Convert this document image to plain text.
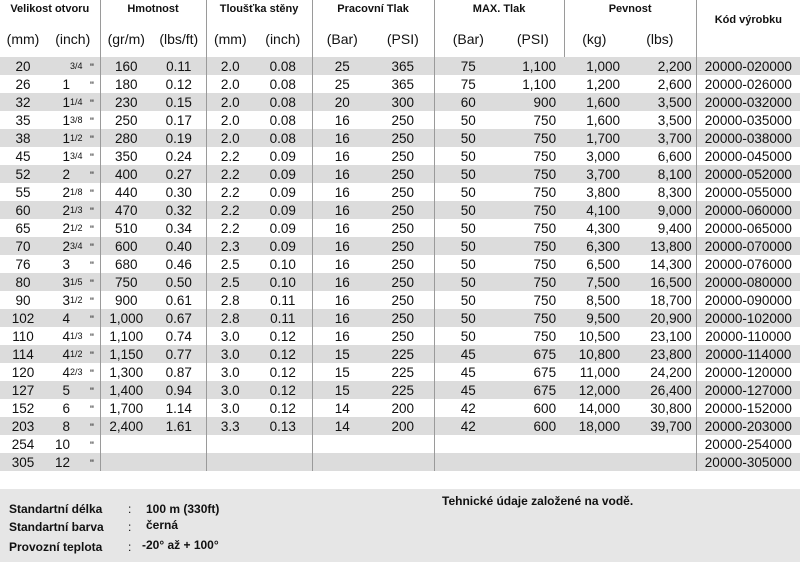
Velikost otvoru		Hmotnost		Tloušťka stěny		Pracovní Tlak		MAX. Tlak		Pevnost		Kód výrobku
(mm)	(inch)	(gr/m)	(lbs/ft)	(mm)	(inch)	(Bar)	(PSI)	(Bar)	(PSI)	(kg)	(lbs)	

20	3/4 "	160	0.11	2.0	0.08	25	365	75	1,100	1,000	2,200	20000-020000
26	1 "	180	0.12	2.0	0.08	25	365	75	1,100	1,200	2,600	20000-026000
32	11/4 "	230	0.15	2.0	0.08	20	300	60	900	1,600	3,500	20000-032000
35	13/8 "	250	0.17	2.0	0.08	16	250	50	750	1,600	3,500	20000-035000
38	11/2 "	280	0.19	2.0	0.08	16	250	50	750	1,700	3,700	20000-038000
45	13/4 "	350	0.24	2.2	0.09	16	250	50	750	3,000	6,600	20000-045000
52	2 "	400	0.27	2.2	0.09	16	250	50	750	3,700	8,100	20000-052000
55	21/8 "	440	0.30	2.2	0.09	16	250	50	750	3,800	8,300	20000-055000
60	21/3 "	470	0.32	2.2	0.09	16	250	50	750	4,100	9,000	20000-060000
65	21/2 "	510	0.34	2.2	0.09	16	250	50	750	4,300	9,400	20000-065000
70	23/4 "	600	0.40	2.3	0.09	16	250	50	750	6,300	13,800	20000-070000
76	3 "	680	0.46	2.5	0.10	16	250	50	750	6,500	14,300	20000-076000
80	31/5 "	750	0.50	2.5	0.10	16	250	50	750	7,500	16,500	20000-080000
90	31/2 "	900	0.61	2.8	0.11	16	250	50	750	8,500	18,700	20000-090000
102	4 "	1,000	0.67	2.8	0.11	16	250	50	750	9,500	20,900	20000-102000
110	41/3 "	1,100	0.74	3.0	0.12	16	250	50	750	10,500	23,100	20000-110000
114	41/2 "	1,150	0.77	3.0	0.12	15	225	45	675	10,800	23,800	20000-114000
120	42/3 "	1,300	0.87	3.0	0.12	15	225	45	675	11,000	24,200	20000-120000
127	5 "	1,400	0.94	3.0	0.12	15	225	45	675	12,000	26,400	20000-127000
152	6 "	1,700	1.14	3.0	0.12	14	200	42	600	14,000	30,800	20000-152000
203	8 "	2,400	1.61	3.3	0.13	14	200	42	600	18,000	39,700	20000-203000
254	10 "											20000-254000
305	12 "											20000-305000
Standartní délka : 100 m (330ft)
Standartní barva : černá
Provozní teplota : -20° až + 100°
Tehnické údaje založené na vodě.
